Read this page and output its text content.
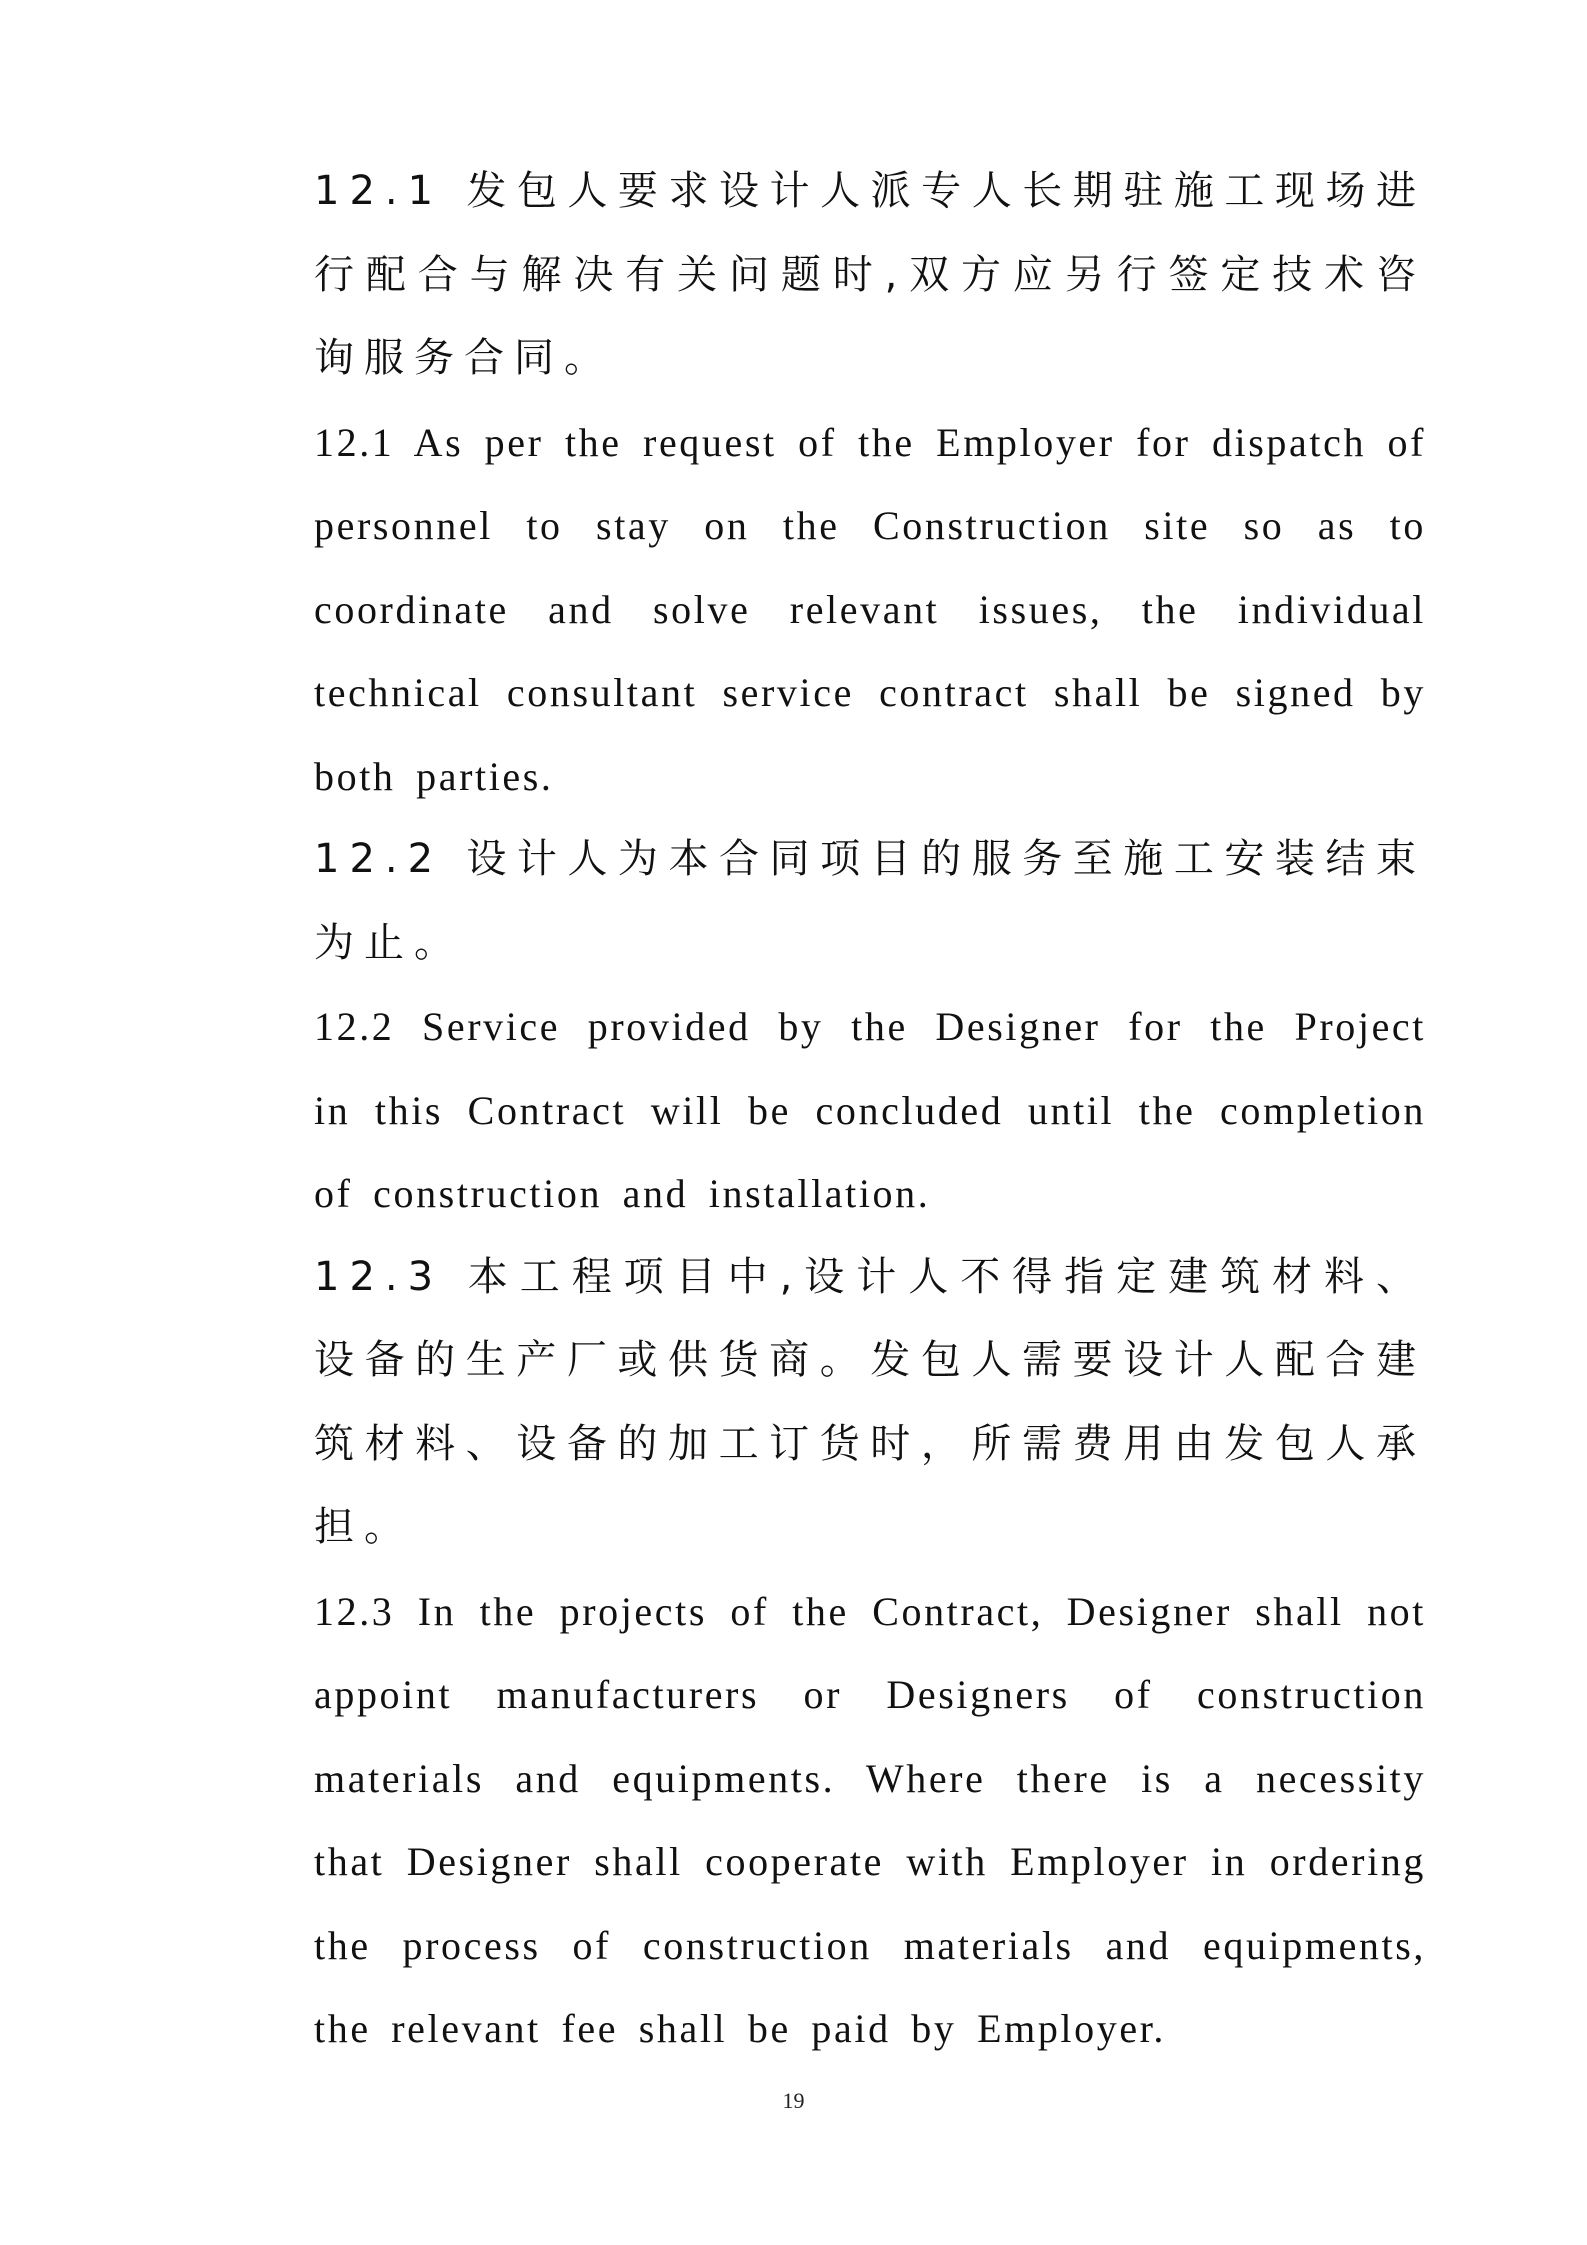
12.1 发包人要求设计人派专人长期驻施工现场进行配合与解决有关问题时,双方应另行签定技术咨询服务合同。

12.1 As per the request of the Employer for dispatch of personnel to stay on the Construction site so as to coordinate and solve relevant issues, the individual technical consultant service contract shall be signed by both parties.

12.2 设计人为本合同项目的服务至施工安装结束为止。

12.2 Service provided by the Designer for the Project in this Contract will be concluded until the completion of construction and installation.

12.3 本工程项目中,设计人不得指定建筑材料、设备的生产厂或供货商。发包人需要设计人配合建筑材料、设备的加工订货时，所需费用由发包人承担。

12.3 In the projects of the Contract, Designer shall not appoint manufacturers or Designers of construction materials and equipments. Where there is a necessity that Designer shall cooperate with Employer in ordering the process of construction materials and equipments, the relevant fee shall be paid by Employer.

19
